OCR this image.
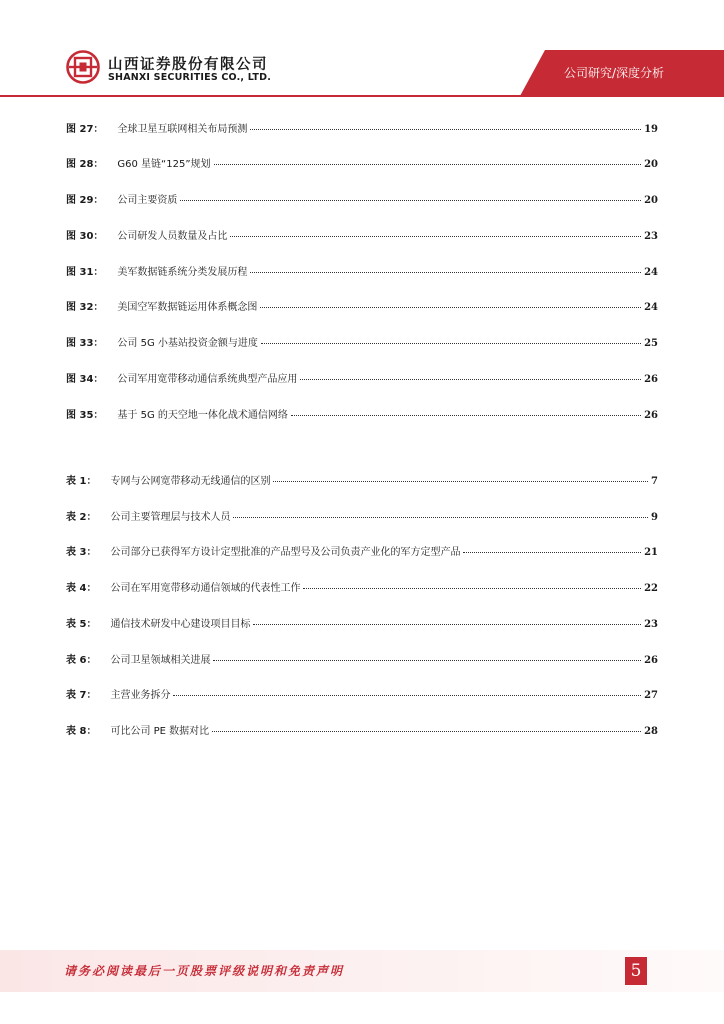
山西证券股份有限公司
SHANXI SECURITIES CO., LTD.	公司研究/深度分析
图 27： 全球卫星互联网相关布局预测	19
图 28： G60 星链“125”规划	20
图 29： 公司主要资质	20
图 30： 公司研发人员数量及占比	23
图 31： 美军数据链系统分类发展历程	24
图 32： 美国空军数据链运用体系概念图	24
图 33： 公司 5G 小基站投资金额与进度	25
图 34： 公司军用宽带移动通信系统典型产品应用	26
图 35： 基于 5G 的天空地一体化战术通信网络	26
表 1： 专网与公网宽带移动无线通信的区别	7
表 2： 公司主要管理层与技术人员	9
表 3： 公司部分已获得军方设计定型批准的产品型号及公司负责产业化的军方定型产品	21
表 4： 公司在军用宽带移动通信领域的代表性工作	22
表 5： 通信技术研发中心建设项目目标	23
表 6： 公司卫星领域相关进展	26
表 7： 主营业务拆分	27
表 8： 可比公司 PE 数据对比	28
请务必阅读最后一页股票评级说明和免责声明	5
